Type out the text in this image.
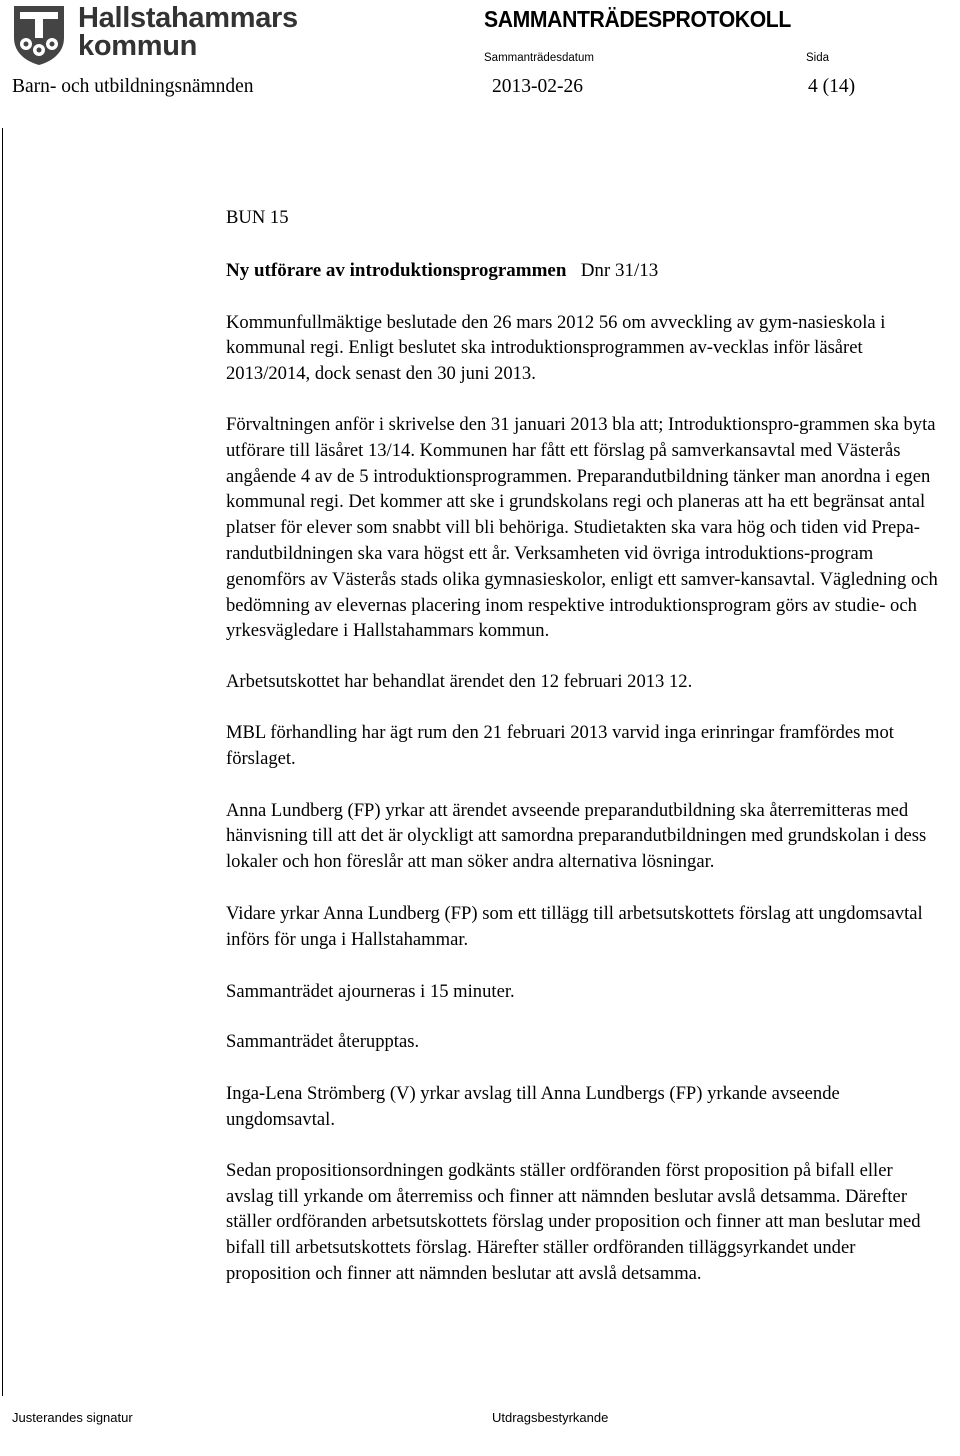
Hallstahammars
kommun
SAMMANTRÄDESPROTOKOLL
Sammanträdesdatum	Sida
Barn- och utbildningsnämnden	2013-02-26	4 (14)

BUN 15

Ny utförare av introduktionsprogrammen Dnr 31/13

Kommunfullmäktige beslutade den 26 mars 2012 56 om avveckling av gym-nasieskola i kommunal regi. Enligt beslutet ska introduktionsprogrammen av-vecklas inför läsåret 2013/2014, dock senast den 30 juni 2013.

Förvaltningen anför i skrivelse den 31 januari 2013 bla att; Introduktionspro-grammen ska byta utförare till läsåret 13/14. Kommunen har fått ett förslag på samverkansavtal med Västerås angående 4 av de 5 introduktionsprogrammen. Preparandutbildning tänker man anordna i egen kommunal regi. Det kommer att ske i grundskolans regi och planeras att ha ett begränsat antal platser för elever som snabbt vill bli behöriga. Studietakten ska vara hög och tiden vid Prepa-randutbildningen ska vara högst ett år. Verksamheten vid övriga introduktions-program genomförs av Västerås stads olika gymnasieskolor, enligt ett samver-kansavtal. Vägledning och bedömning av elevernas placering inom respektive introduktionsprogram görs av studie- och yrkesvägledare i Hallstahammars kommun.

Arbetsutskottet har behandlat ärendet den 12 februari 2013 12.

MBL förhandling har ägt rum den 21 februari 2013 varvid inga erinringar framfördes mot förslaget.

Anna Lundberg (FP) yrkar att ärendet avseende preparandutbildning ska återremitteras med hänvisning till att det är olyckligt att samordna preparandutbildningen med grundskolan i dess lokaler och hon föreslår att man söker andra alternativa lösningar.

Vidare yrkar Anna Lundberg (FP) som ett tillägg till arbetsutskottets förslag att ungdomsavtal införs för unga i Hallstahammar.

Sammanträdet ajourneras i 15 minuter.

Sammanträdet återupptas.

Inga-Lena Strömberg (V) yrkar avslag till Anna Lundbergs (FP) yrkande avseende ungdomsavtal.

Sedan propositionsordningen godkänts ställer ordföranden först proposition på bifall eller avslag till yrkande om återremiss och finner att nämnden beslutar avslå detsamma. Därefter ställer ordföranden arbetsutskottets förslag under proposition och finner att man beslutar med bifall till arbetsutskottets förslag. Härefter ställer ordföranden tilläggsyrkandet under proposition och finner att nämnden beslutar att avslå detsamma.

Justerandes signatur	Utdragsbestyrkande
